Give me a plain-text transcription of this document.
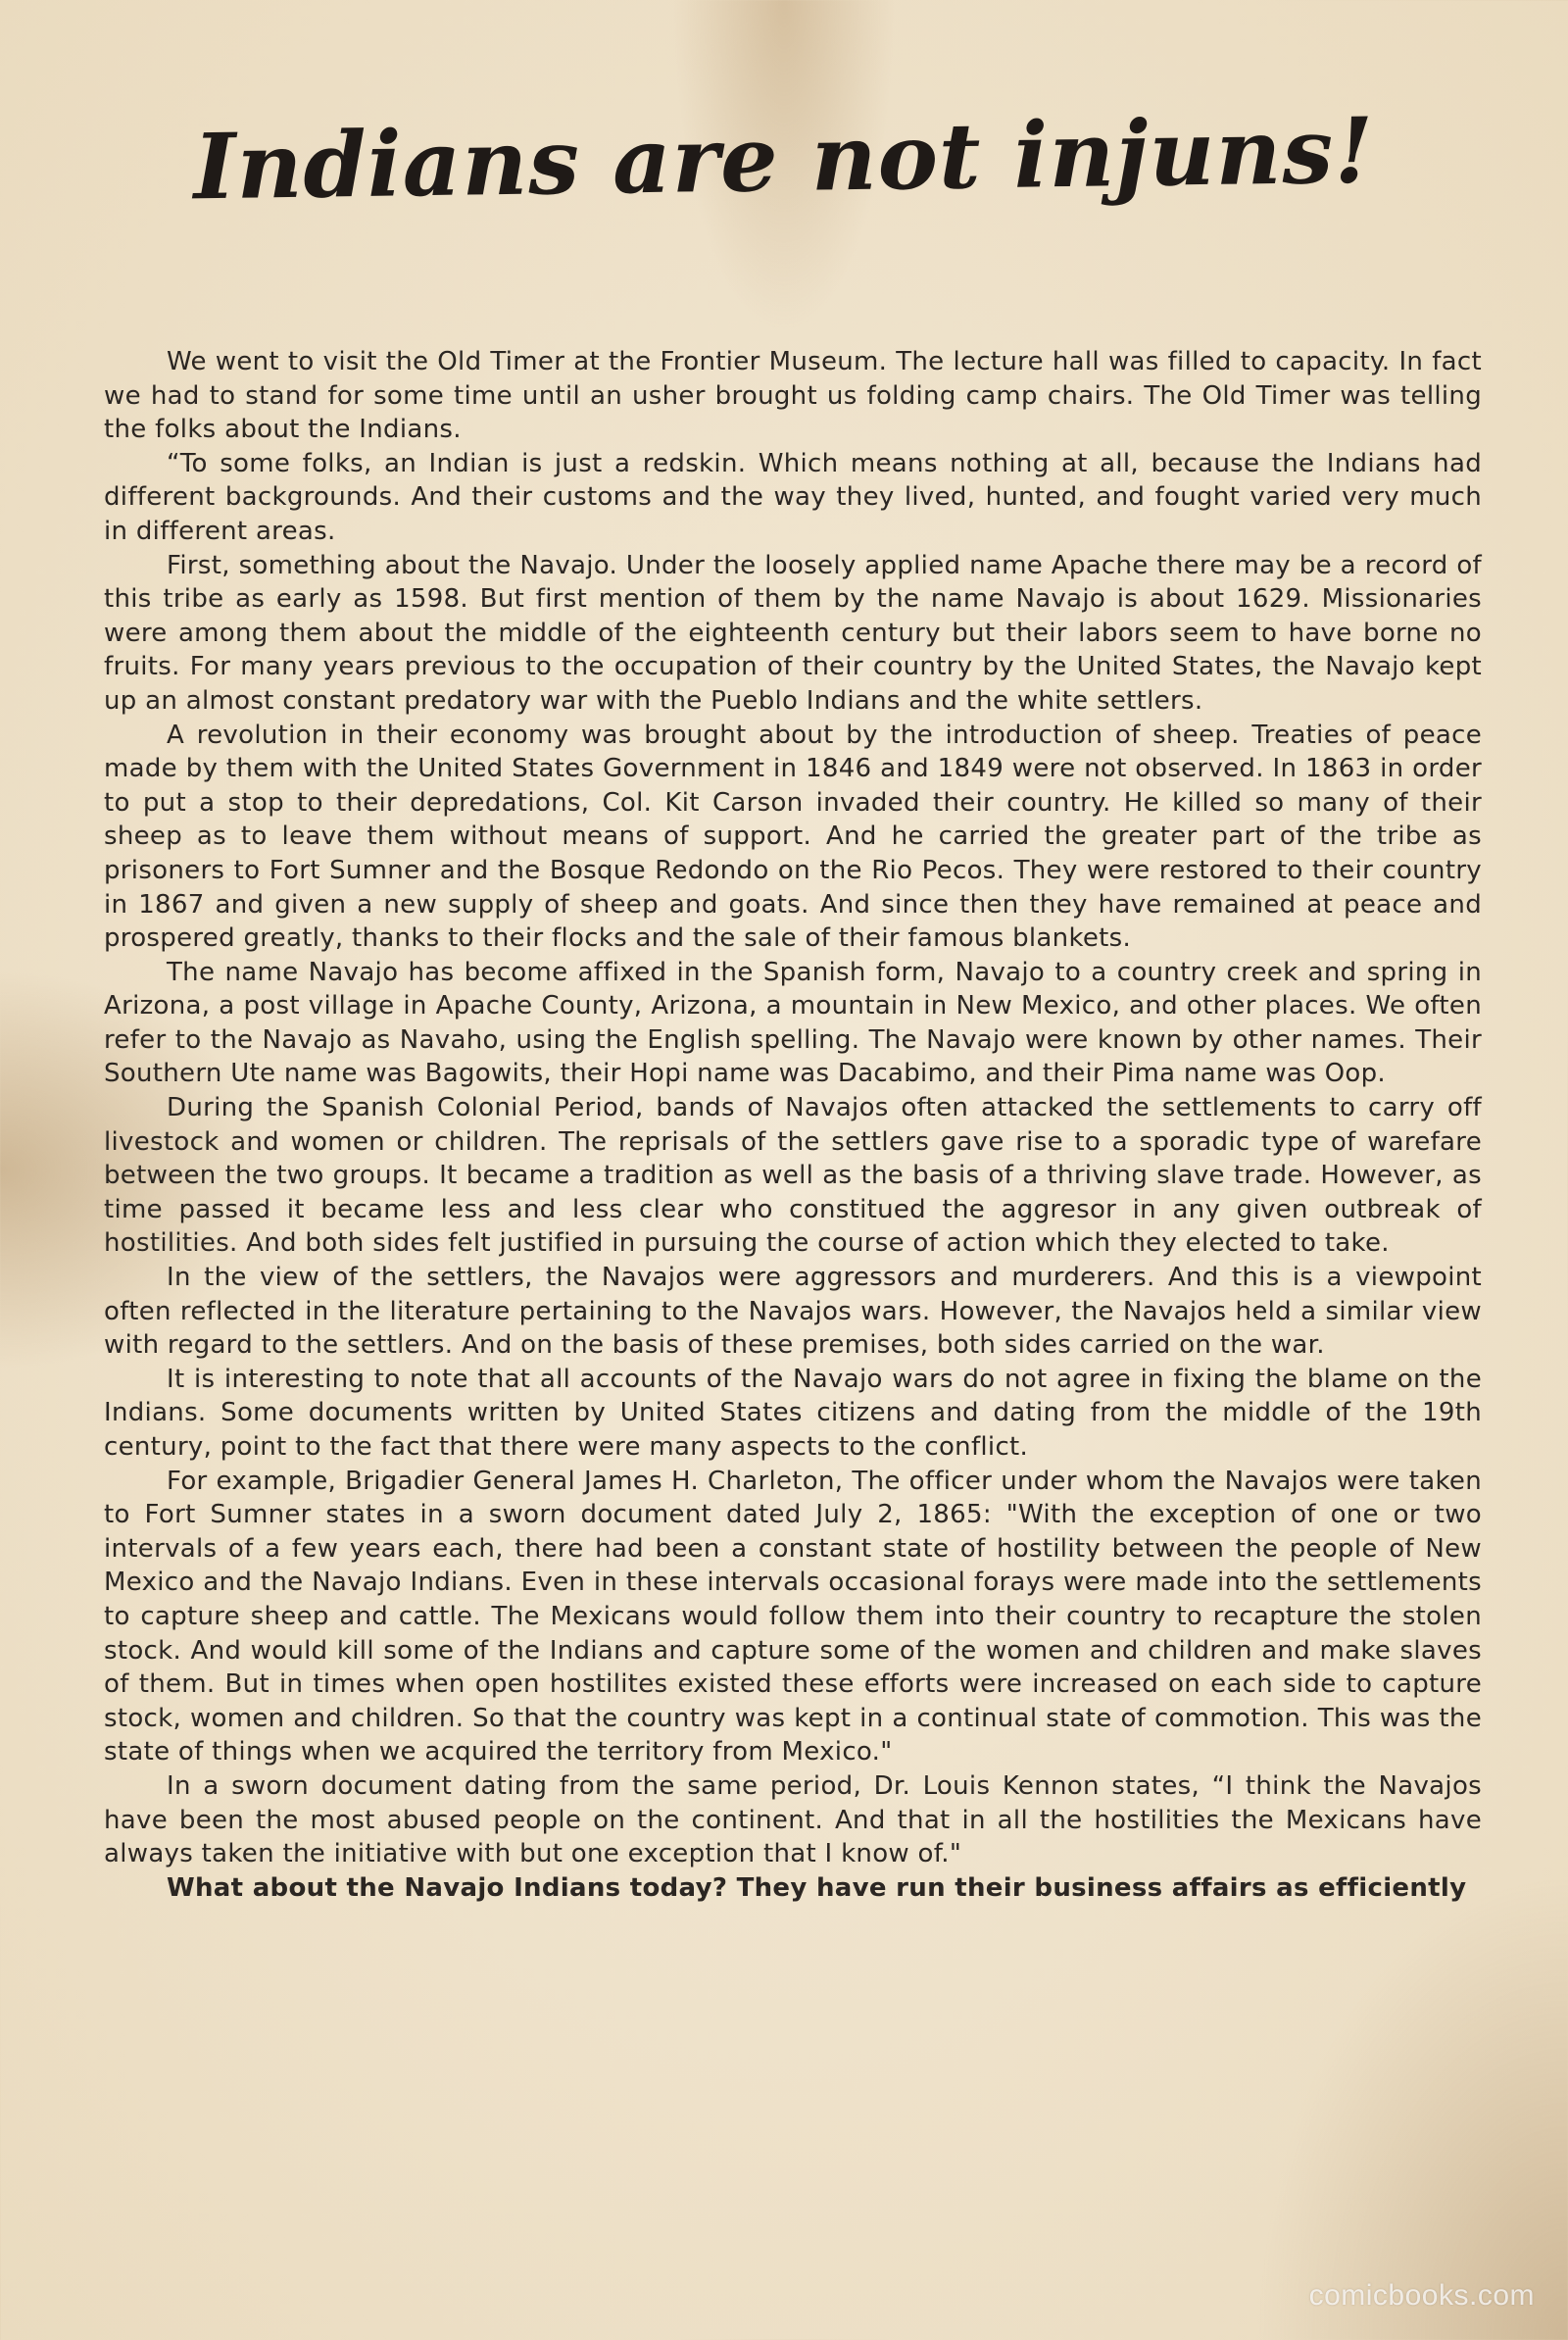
Indians are not injuns!

We went to visit the Old Timer at the Frontier Museum. The lecture hall was filled to capacity. In fact we had to stand for some time until an usher brought us folding camp chairs. The Old Timer was telling the folks about the Indians.

“To some folks, an Indian is just a redskin. Which means nothing at all, because the Indians had different backgrounds. And their customs and the way they lived, hunted, and fought varied very much in different areas.

First, something about the Navajo. Under the loosely applied name Apache there may be a record of this tribe as early as 1598. But first mention of them by the name Navajo is about 1629. Missionaries were among them about the middle of the eighteenth century but their labors seem to have borne no fruits. For many years previous to the occupation of their country by the United States, the Navajo kept up an almost constant predatory war with the Pueblo Indians and the white settlers.

A revolution in their economy was brought about by the introduction of sheep. Treaties of peace made by them with the United States Government in 1846 and 1849 were not observed. In 1863 in order to put a stop to their depredations, Col. Kit Carson invaded their country. He killed so many of their sheep as to leave them without means of support. And he carried the greater part of the tribe as prisoners to Fort Sumner and the Bosque Redondo on the Rio Pecos. They were restored to their country in 1867 and given a new supply of sheep and goats. And since then they have remained at peace and prospered greatly, thanks to their flocks and the sale of their famous blankets.

The name Navajo has become affixed in the Spanish form, Navajo to a country creek and spring in Arizona, a post village in Apache County, Arizona, a mountain in New Mexico, and other places. We often refer to the Navajo as Navaho, using the English spelling. The Navajo were known by other names. Their Southern Ute name was Bagowits, their Hopi name was Dacabimo, and their Pima name was Oop.

During the Spanish Colonial Period, bands of Navajos often attacked the settlements to carry off livestock and women or children. The reprisals of the settlers gave rise to a sporadic type of warefare between the two groups. It became a tradition as well as the basis of a thriving slave trade. However, as time passed it became less and less clear who constitued the aggresor in any given outbreak of hostilities. And both sides felt justified in pursuing the course of action which they elected to take.

In the view of the settlers, the Navajos were aggressors and murderers. And this is a viewpoint often reflected in the literature pertaining to the Navajos wars. However, the Navajos held a similar view with regard to the settlers. And on the basis of these premises, both sides carried on the war.

It is interesting to note that all accounts of the Navajo wars do not agree in fixing the blame on the Indians. Some documents written by United States citizens and dating from the middle of the 19th century, point to the fact that there were many aspects to the conflict.

For example, Brigadier General James H. Charleton, The officer under whom the Navajos were taken to Fort Sumner states in a sworn document dated July 2, 1865: "With the exception of one or two intervals of a few years each, there had been a constant state of hostility between the people of New Mexico and the Navajo Indians. Even in these intervals occasional forays were made into the settlements to capture sheep and cattle. The Mexicans would follow them into their country to recapture the stolen stock. And would kill some of the Indians and capture some of the women and children and make slaves of them. But in times when open hostilites existed these efforts were increased on each side to capture stock, women and children. So that the country was kept in a continual state of commotion. This was the state of things when we acquired the territory from Mexico."

In a sworn document dating from the same period, Dr. Louis Kennon states, “I think the Navajos have been the most abused people on the continent. And that in all the hostilities the Mexicans have always taken the initiative with but one exception that I know of."

What about the Navajo Indians today? They have run their business affairs as efficiently

comicbooks.com
